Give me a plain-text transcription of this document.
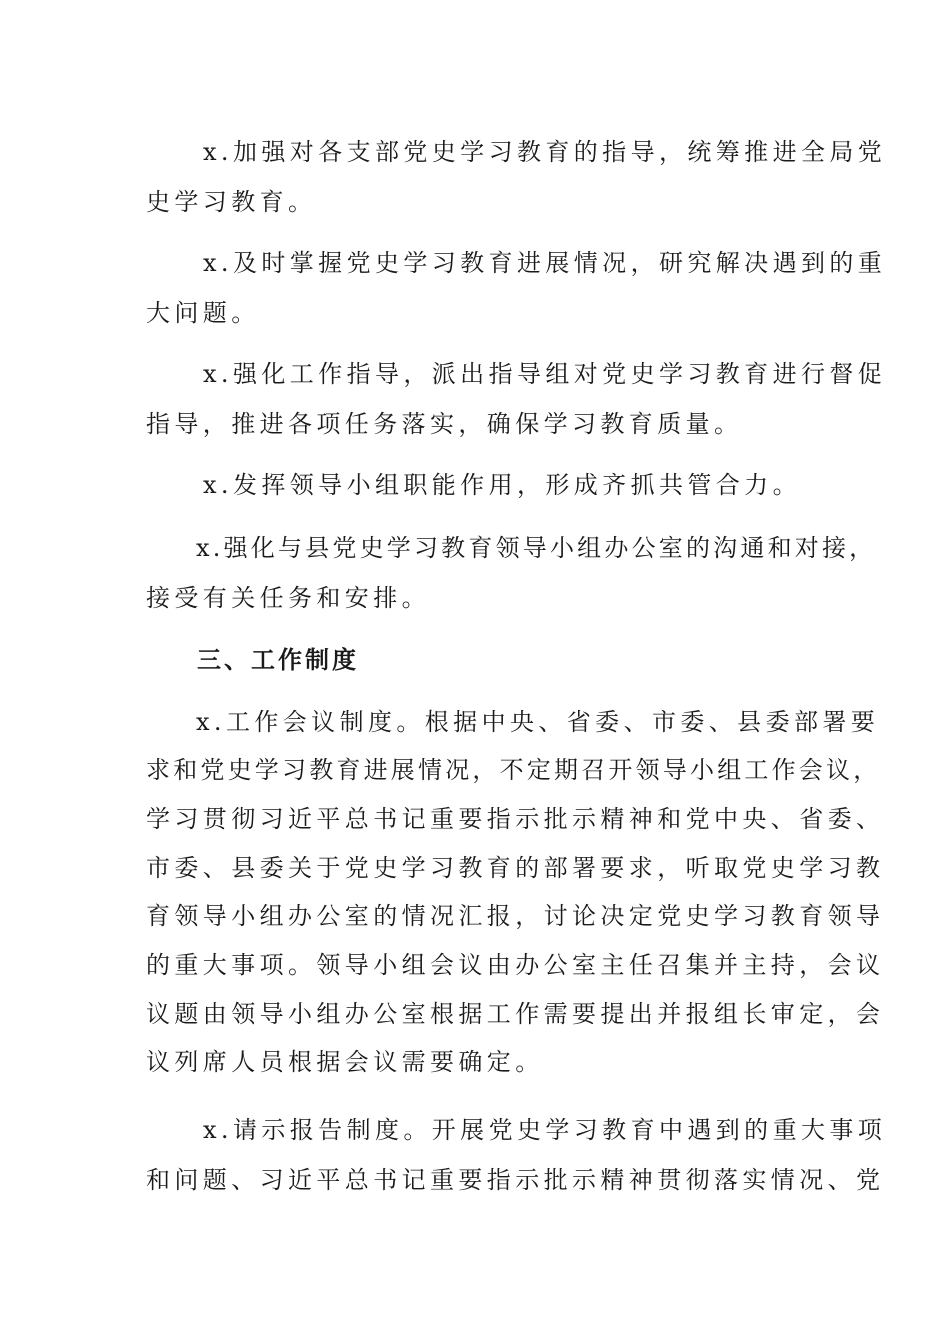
x.加强对各支部党史学习教育的指导，统筹推进全局党

史学习教育。

x.及时掌握党史学习教育进展情况，研究解决遇到的重

大问题。

x.强化工作指导，派出指导组对党史学习教育进行督促

指导，推进各项任务落实，确保学习教育质量。

x.发挥领导小组职能作用，形成齐抓共管合力。

x.强化与县党史学习教育领导小组办公室的沟通和对接，

接受有关任务和安排。

三、工作制度

x.工作会议制度。根据中央、省委、市委、县委部署要

求和党史学习教育进展情况，不定期召开领导小组工作会议，

学习贯彻习近平总书记重要指示批示精神和党中央、省委、

市委、县委关于党史学习教育的部署要求，听取党史学习教

育领导小组办公室的情况汇报，讨论决定党史学习教育领导

的重大事项。领导小组会议由办公室主任召集并主持，会议

议题由领导小组办公室根据工作需要提出并报组长审定，会

议列席人员根据会议需要确定。

x.请示报告制度。开展党史学习教育中遇到的重大事项

和问题、习近平总书记重要指示批示精神贯彻落实情况、党
